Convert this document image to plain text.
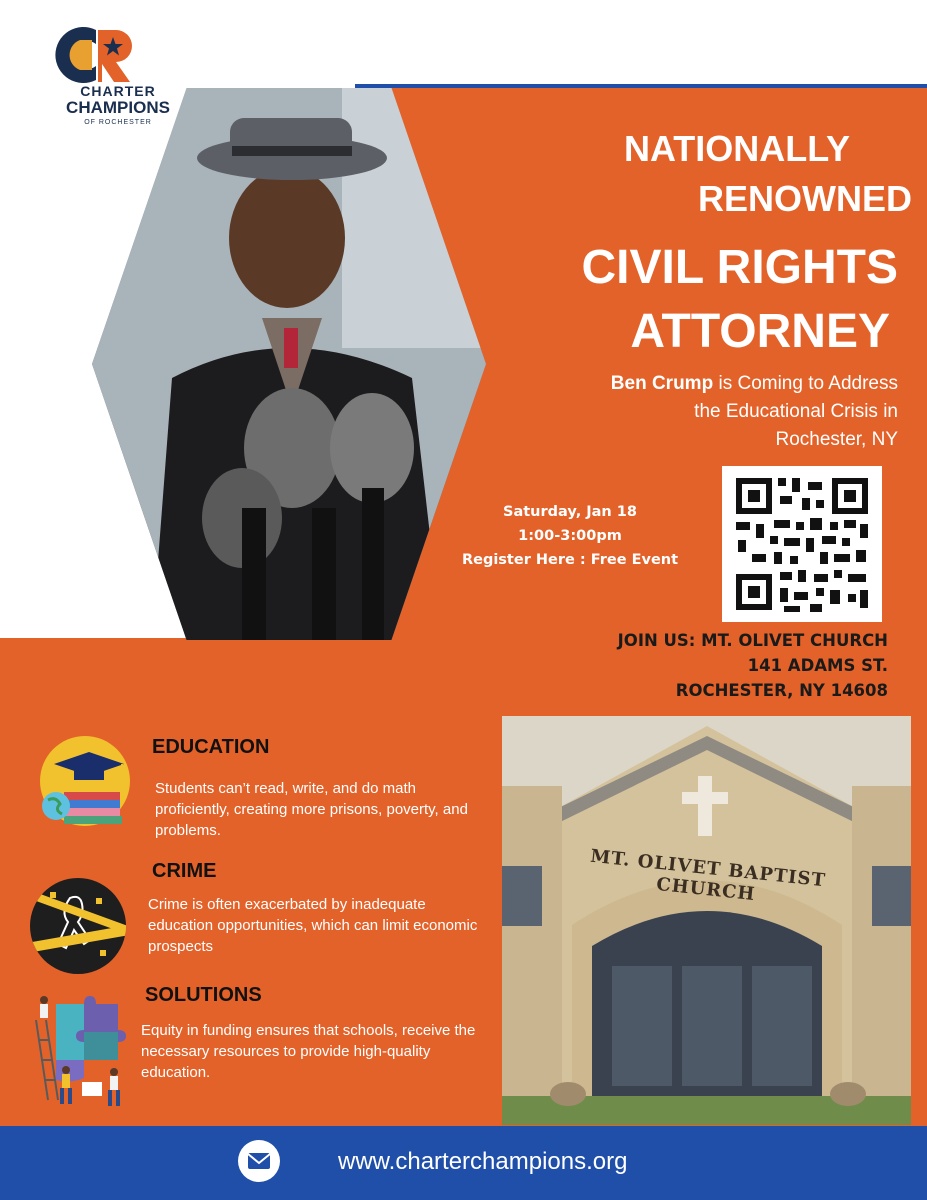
CHARTER
CHAMPIONS
OF ROCHESTER
NATIONALLY
RENOWNED
CIVIL RIGHTS
ATTORNEY
Ben Crump is Coming to Address
the Educational Crisis in
Rochester, NY
Saturday, Jan 18
1:00-3:00pm
Register Here : Free Event
JOIN US: MT. OLIVET CHURCH
141 ADAMS ST.
ROCHESTER, NY 14608
MT. OLIVET BAPTIST CHURCH
EDUCATION
Students can’t read, write, and do math proficiently, creating more prisons, poverty, and problems.
CRIME
Crime is often exacerbated by inadequate education opportunities, which can limit economic prospects
SOLUTIONS
Equity in funding ensures that schools, receive the necessary resources to provide high-quality education.
www.charterchampions.org
